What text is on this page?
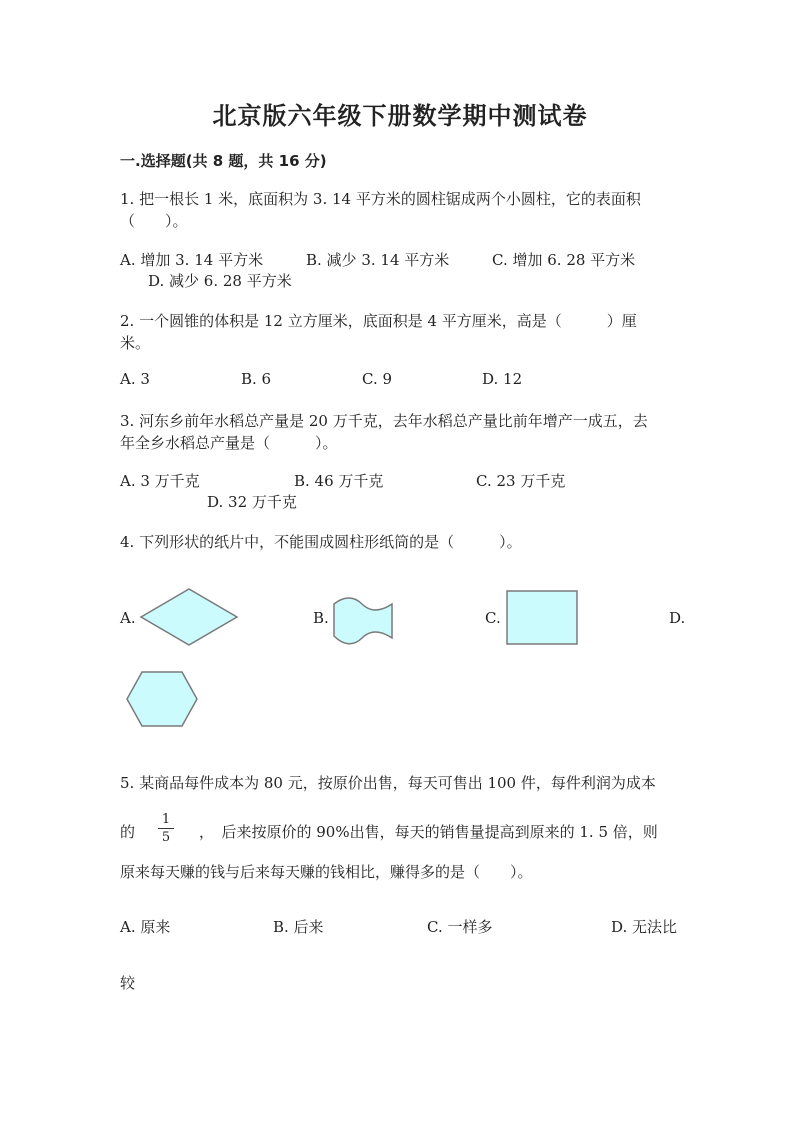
北京版六年级下册数学期中测试卷
一.选择题(共 8 题，共 16 分)
1. 把一根长 1 米，底面积为 3. 14 平方米的圆柱锯成两个小圆柱，它的表面积
（　　）。
A. 增加 3. 14 平方米	B. 减少 3. 14 平方米	C. 增加 6. 28 平方米
D. 减少 6. 28 平方米
2. 一个圆锥的体积是 12 立方厘米，底面积是 4 平方厘米，高是（　　　）厘
米。
A. 3	B. 6	C. 9	D. 12
3. 河东乡前年水稻总产量是 20 万千克，去年水稻总产量比前年增产一成五，去
年全乡水稻总产量是（　　　）。
A. 3 万千克	B. 46 万千克	C. 23 万千克
D. 32 万千克
4. 下列形状的纸片中，不能围成圆柱形纸筒的是（　　　）。
A.	B.	C.	D.
5. 某商品每件成本为 80 元，按原价出售，每天可售出 100 件，每件利润为成本
的
1
5 ，　后来按原价的 90%出售，每天的销售量提高到原来的 1. 5 倍，则
原来每天赚的钱与后来每天赚的钱相比，赚得多的是（　　）。
A. 原来	B. 后来	C. 一样多	D. 无法比
较
